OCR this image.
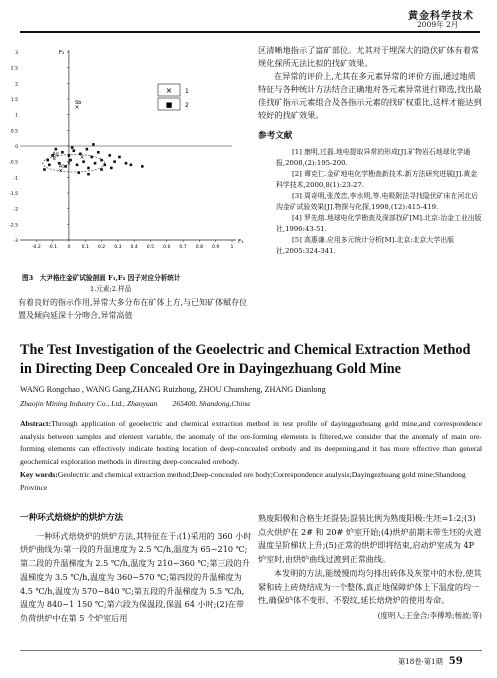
黄金科学技术
2009年 2月
3
2.5
2
1.5
1
0.5
0
-0.5
-1
-1.5
-2
-2.5
-3
-0.2 -0.1 0 0.1 0.2 0.3 0.4 0.5 0.6 0.7 0.8 0.9 1
F₂
F₁
×
Sb
×
Ag
×
As ×
×
× 1
■ 2
图3　大尹格庄金矿试验剖面 F₁,F₂ 因子对应分析统计
1.元素;2.样品

有着良好的指示作用,异常大多分布在矿体上方,与已知矿体赋存位置及倾向延深十分吻合,异常高值

区清晰地指示了富矿部位。尤其对于埋深大的隐伏矿体有着常规化探所无法比拟的找矿效果。

在异常的评价上,尤其在多元素异常的评价方面,通过地质特征与各种统计方法结合正确地对各元素异常进行筛选,找出最佳找矿指示元素组合及各指示元素的找矿权重比,这样才能达到较好的找矿效果。

参考文献

[1] 康明,过磊.地电提取异常的形成[J].矿物岩石地球化学通报,2008,(2):195-200.

[2] 谭克仁.金矿地电化学勘查新技术.新方法研究进展[J].黄金科学技术,2000,8(1):23-27.

[3] 周奇明,张茂忠,李水明,等.电吸附法寻找隐伏矿床在河北后沟金矿试验效果[J].物探与化探,1998,(12):415-419.

[4] 罗先熔.地球电化学勘查及深部找矿[M].北京:冶金工业出版社,1996:43-51.

[5] 高惠谦.应用多元统计分析[M].北京:北京大学出版社,2005:324-341.

The Test Investigation of the Geoelectric and Chemical Extraction Method in Directing Deep Concealed Ore in Dayingezhuang Gold Mine
WANG Rongchao , WANG Gang,ZHANG Ruizhong, ZHOU Chunsheng, ZHANG Dianlong
Zhaojin Mining Industry Co., Ltd., Zhaoyuan　　265400, Shandong,China
Abstract:Through application of geoelectric and chemical extraction method in test profile of dayinggezhuang gold mine,and correspondence analysis between samples and element variable, the anomaly of the ore-forming elements is filtered,we consider that the anomaly of main ore-forming elements can effectively indicate hosting location of deep-concealed orebody and its deepening,and it has more effective than general geochemical exploration methods in directing deep-concealed orebody.
Key words:Geolectric and chemical extraction method;Deep-concealed ore body;Correspondence analysis;Dayingezhuang gold mine;Shandong Province
一种环式焙烧炉的烘炉方法

一种环式焙烧炉的烘炉方法,其特征在于:(1)采用的 360 小时烘炉曲线为:第一段的升温速度为 2.5 ℃/h,温度为 65~210 ℃;第二段的升温梯度为 2.5 ℃/h,温度为 210~360 ℃;第三段的升温梯度为 3.5 ℃/h,温度为 360~570 ℃;第四段的升温梯度为 4.5 ℃/h,温度为 570~840 ℃;第五段的升温梯度为 5.5 ℃/h,温度为 840~1 150 ℃;第六段为保温段,保温 64 小时;(2)在带负荷烘炉中在第 5 个炉室后用

熟废阳极和合格生坯混装;混装比例为熟废阳极:生坯=1:2;(3)点火烘炉在 2# 和 20# 炉室开始;(4)烘炉前期未带生坯的火道温度呈阶梯状上升;(5)正常的烘炉即将结束,启动炉室成为 4P 炉室时,由烘炉曲线过渡到正常曲线。

本发明的方法,能缓慢而均匀排出砖体及灰浆中的水份,使其紧和砖上砖烧结成为一个整体,真正地保障炉体上下温度的均一性,确保炉体不变形、不裂纹,延长焙烧炉的使用寿命。

(度明人;王金合;李傅埠;杨波;等)
第18卷·第1期 59
